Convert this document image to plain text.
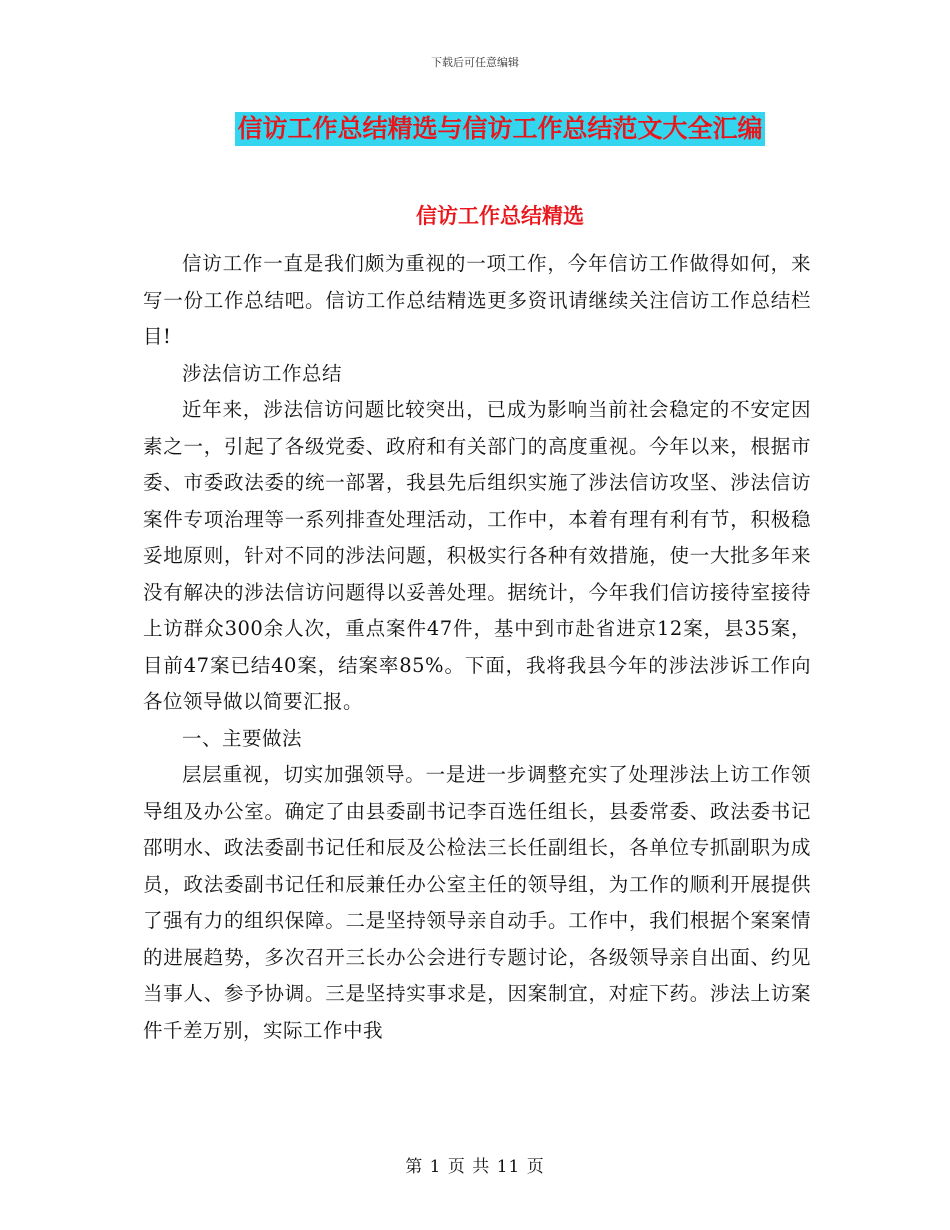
下载后可任意编辑
信访工作总结精选与信访工作总结范文大全汇编
信访工作总结精选

信访工作一直是我们颇为重视的一项工作，今年信访工作做得如何，来写一份工作总结吧。信访工作总结精选更多资讯请继续关注信访工作总结栏目!

涉法信访工作总结

近年来，涉法信访问题比较突出，已成为影响当前社会稳定的不安定因素之一，引起了各级党委、政府和有关部门的高度重视。今年以来，根据市委、市委政法委的统一部署，我县先后组织实施了涉法信访攻坚、涉法信访案件专项治理等一系列排查处理活动，工作中，本着有理有利有节，积极稳妥地原则，针对不同的涉法问题，积极实行各种有效措施，使一大批多年来没有解决的涉法信访问题得以妥善处理。据统计，今年我们信访接待室接待上访群众300余人次，重点案件47件，基中到市赴省进京12案，县35案，目前47案已结40案，结案率85%。下面，我将我县今年的涉法涉诉工作向各位领导做以简要汇报。

一、主要做法

层层重视，切实加强领导。一是进一步调整充实了处理涉法上访工作领导组及办公室。确定了由县委副书记李百选任组长，县委常委、政法委书记邵明水、政法委副书记任和辰及公检法三长任副组长，各单位专抓副职为成员，政法委副书记任和辰兼任办公室主任的领导组，为工作的顺利开展提供了强有力的组织保障。二是坚持领导亲自动手。工作中，我们根据个案案情的进展趋势，多次召开三长办公会进行专题讨论，各级领导亲自出面、约见当事人、参予协调。三是坚持实事求是，因案制宜，对症下药。涉法上访案件千差万别，实际工作中我

第 1 页 共 11 页
